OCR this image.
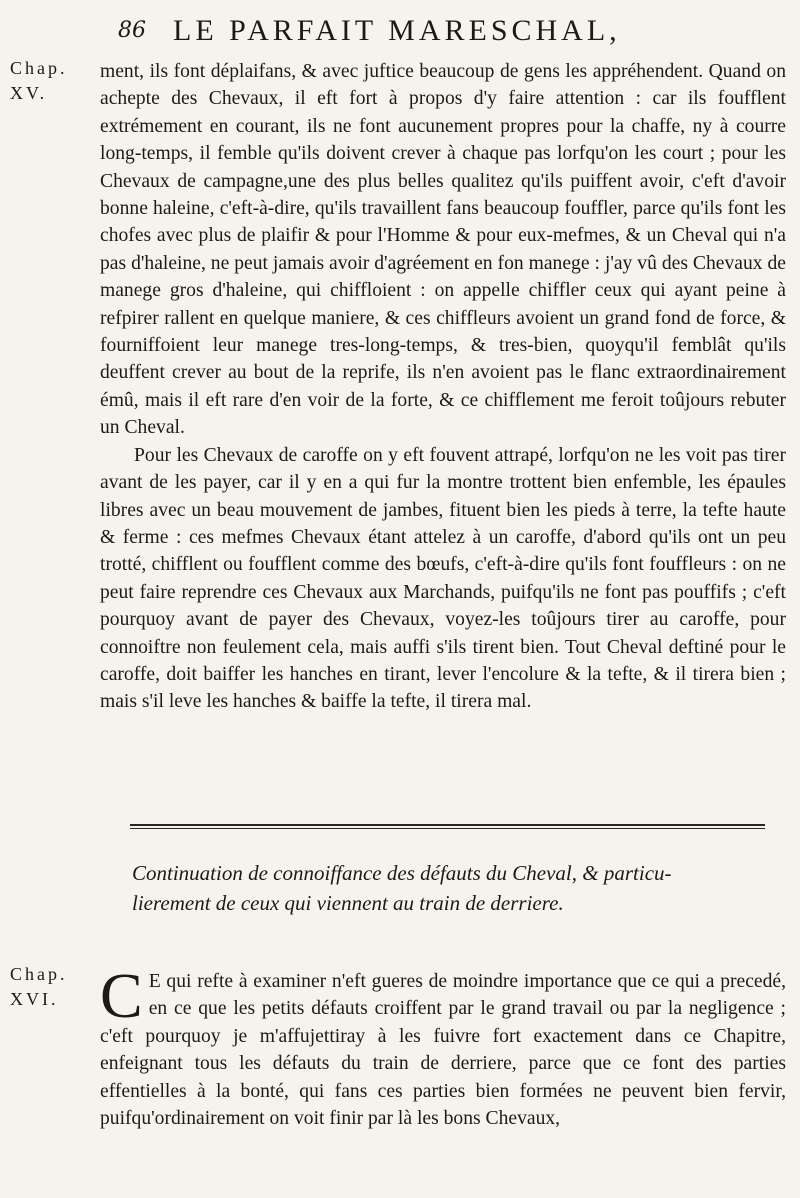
86 LE PARFAIT MARESCHAL,
Chap.
XV.

ment, ils font déplaifans, & avec juftice beaucoup de gens les appréhendent. Quand on achepte des Chevaux, il eft fort à propos d'y faire attention : car ils foufflent extrémement en courant, ils ne font aucunement propres pour la chaffe, ny à courre long-temps, il femble qu'ils doivent crever à chaque pas lorfqu'on les court ; pour les Chevaux de campagne,une des plus belles qualitez qu'ils puiffent avoir, c'eft d'avoir bonne haleine, c'eft-à-dire, qu'ils travaillent fans beaucoup fouffler, parce qu'ils font les chofes avec plus de plaifir & pour l'Homme & pour eux-mefmes, & un Cheval qui n'a pas d'haleine, ne peut jamais avoir d'agréement en fon manege : j'ay vû des Chevaux de manege gros d'haleine, qui chiffloient : on appelle chiffler ceux qui ayant peine à refpirer rallent en quelque maniere, & ces chiffleurs avoient un grand fond de force, & fourniffoient leur manege tres-long-temps, & tres-bien, quoyqu'il femblât qu'ils deuffent crever au bout de la reprife, ils n'en avoient pas le flanc extraordinairement émû, mais il eft rare d'en voir de la forte, & ce chifflement me feroit toûjours rebuter un Cheval.

Pour les Chevaux de caroffe on y eft fouvent attrapé, lorfqu'on ne les voit pas tirer avant de les payer, car il y en a qui fur la montre trottent bien enfemble, les épaules libres avec un beau mouvement de jambes, fituent bien les pieds à terre, la tefte haute & ferme : ces mefmes Chevaux étant attelez à un caroffe, d'abord qu'ils ont un peu trotté, chifflent ou foufflent comme des bœufs, c'eft-à-dire qu'ils font fouffleurs : on ne peut faire reprendre ces Chevaux aux Marchands, puifqu'ils ne font pas pouffifs ; c'eft pourquoy avant de payer des Chevaux, voyez-les toûjours tirer au caroffe, pour connoiftre non feulement cela, mais auffi s'ils tirent bien. Tout Cheval deftiné pour le caroffe, doit baiffer les hanches en tirant, lever l'encolure & la tefte, & il tirera bien ; mais s'il leve les hanches & baiffe la tefte, il tirera mal.

Continuation de connoiffance des défauts du Cheval, & particu-
lierement de ceux qui viennent au train de derriere.
Chap.
XVI. C E qui refte à examiner n'eft gueres de moindre importance que ce qui a precedé, en ce que les petits défauts croiffent par le grand travail ou par la negligence ; c'eft pourquoy je m'affujettiray à les fuivre fort exactement dans ce Chapitre, enfeignant tous les défauts du train de derriere, parce que ce font des parties effentielles à la bonté, qui fans ces parties bien formées ne peuvent bien fervir, puifqu'ordinairement on voit finir par là les bons Chevaux,
